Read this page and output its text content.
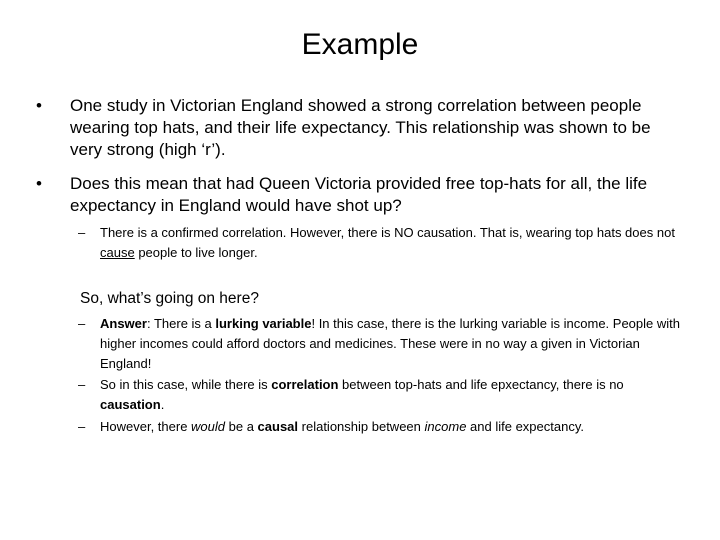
Example
•	One study in Victorian England showed a strong correlation between people wearing top hats, and their life expectancy. This relationship was shown to be very strong (high ‘r’).
•	Does this mean that had Queen Victoria provided free top-hats for all, the life expectancy in England would have shot up?
– There is a confirmed correlation. However, there is NO causation. That is, wearing top hats does not cause people to live longer.
So, what’s going on here?
– Answer: There is a lurking variable! In this case, there is the lurking variable is income. People with higher incomes could afford doctors and medicines. These were in no way a given in Victorian England!
– So in this case, while there is correlation between top-hats and life epxectancy, there is no causation.
– However, there would be a causal relationship between income and life expectancy.
